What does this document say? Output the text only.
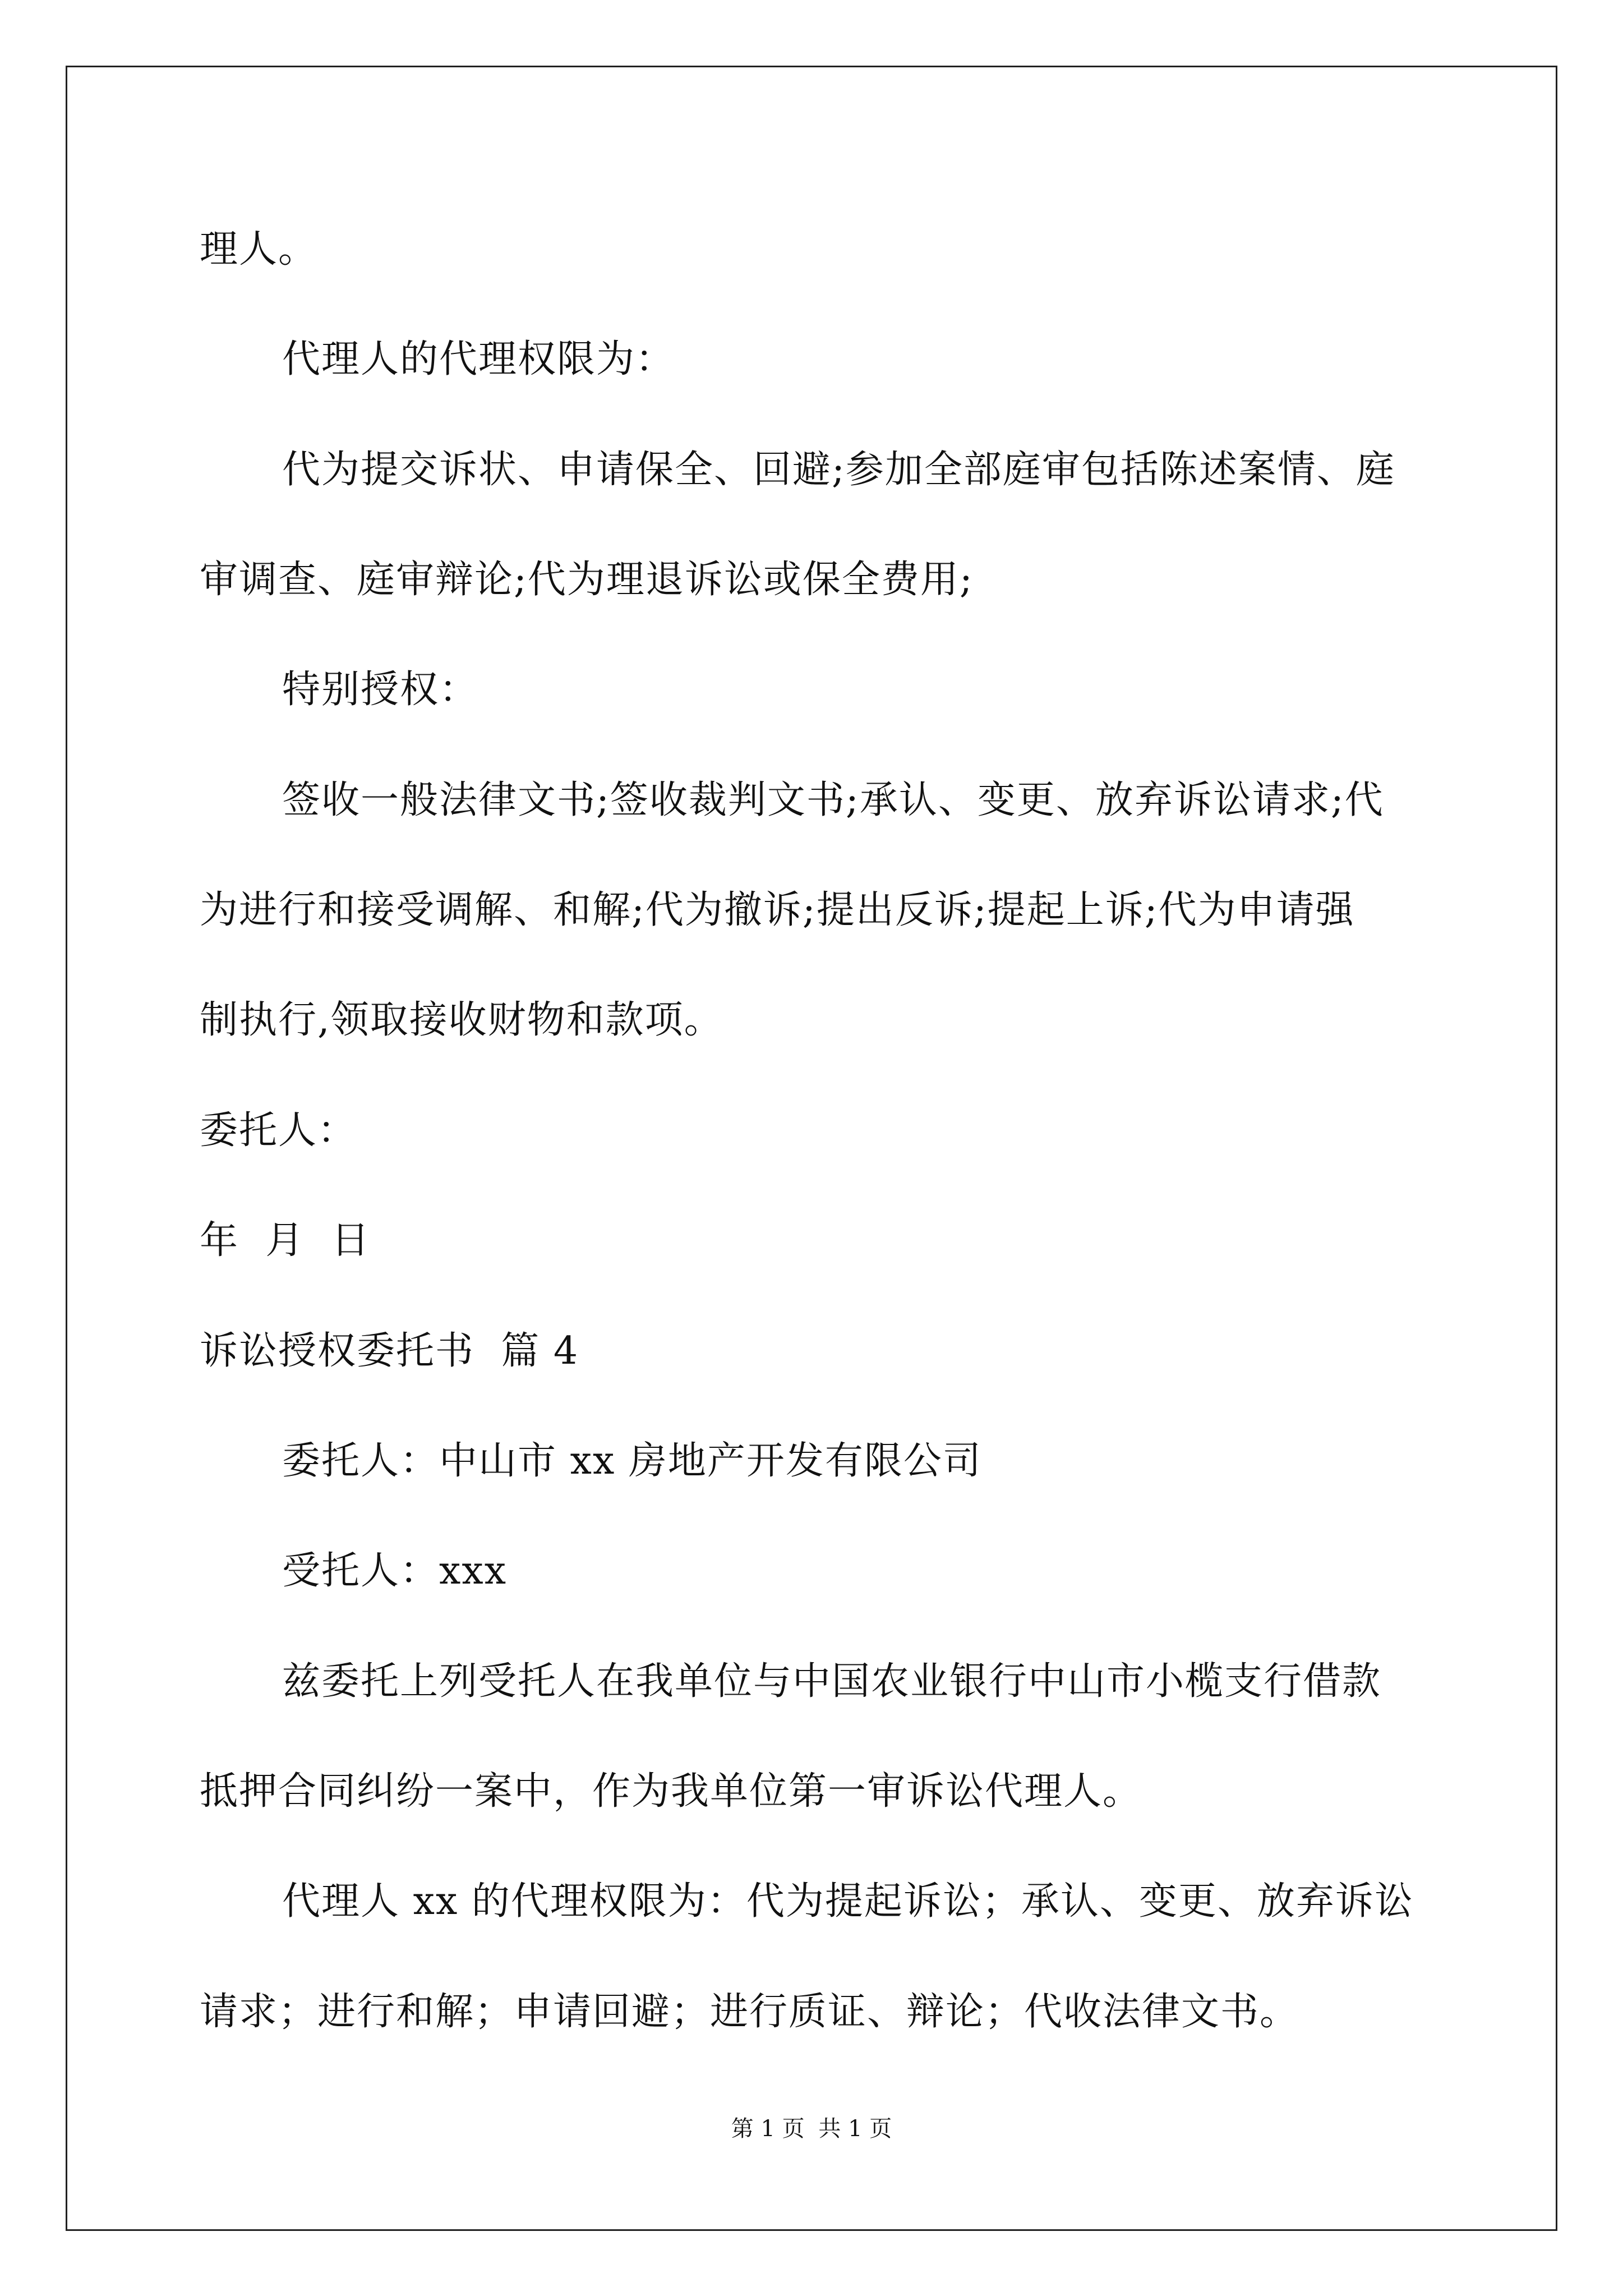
理人。
代理人的代理权限为：
代为提交诉状、申请保全、回避;参加全部庭审包括陈述案情、庭
审调查、庭审辩论;代为理退诉讼或保全费用;
特别授权：
签收一般法律文书;签收裁判文书;承认、变更、放弃诉讼请求;代
为进行和接受调解、和解;代为撤诉;提出反诉;提起上诉;代为申请强
制执行,领取接收财物和款项。
委托人：
年  月  日
诉讼授权委托书  篇 4
委托人：中山市 xx 房地产开发有限公司
受托人：xxx
兹委托上列受托人在我单位与中国农业银行中山市小榄支行借款
抵押合同纠纷一案中，作为我单位第一审诉讼代理人。
代理人 xx 的代理权限为：代为提起诉讼；承认、变更、放弃诉讼
请求；进行和解；申请回避；进行质证、辩论；代收法律文书。
第 1 页 共 1 页
